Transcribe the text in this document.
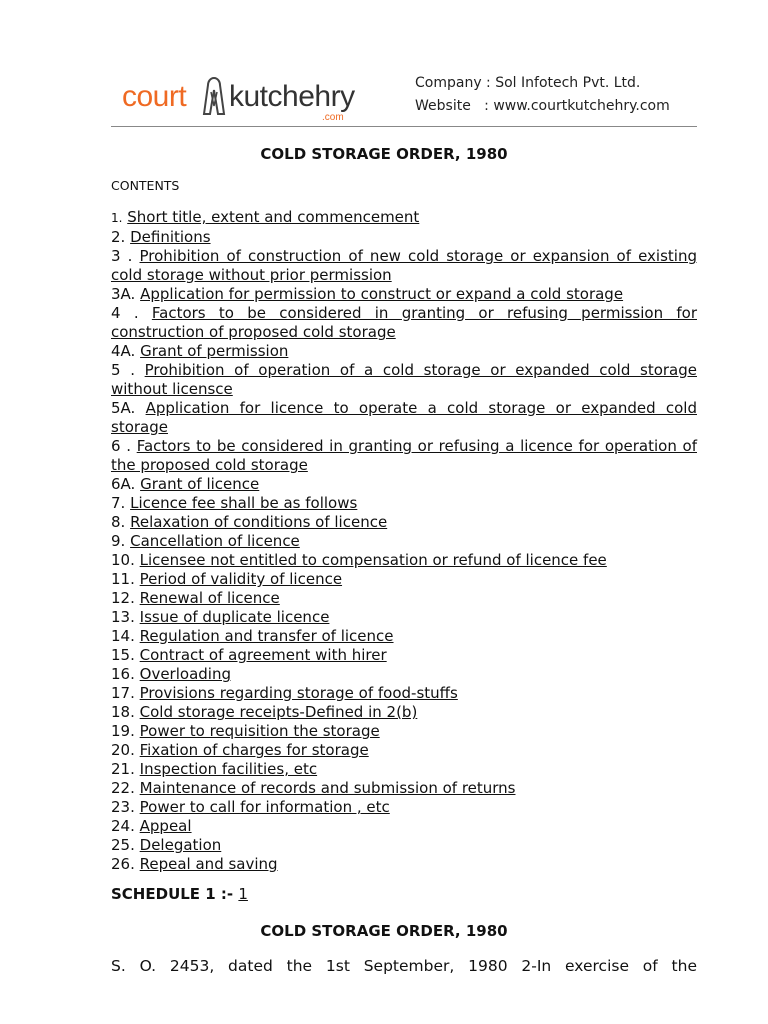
court kutchehry
.com
Company : Sol Infotech Pvt. Ltd.
Website   : www.courtkutchehry.com
COLD STORAGE ORDER, 1980
CONTENTS
1. Short title, extent and commencement
2. Definitions
3 . Prohibition of construction of new cold storage or expansion of existing cold storage without prior permission
3A. Application for permission to construct or expand a cold storage
4 . Factors to be considered in granting or refusing permission for construction of proposed cold storage
4A. Grant of permission
5 . Prohibition of operation of a cold storage or expanded cold storage without licensce
5A. Application for licence to operate a cold storage or expanded cold storage
6 . Factors to be considered in granting or refusing a licence for operation of the proposed cold storage
6A. Grant of licence
7. Licence fee shall be as follows
8. Relaxation of conditions of licence
9. Cancellation of licence
10. Licensee not entitled to compensation or refund of licence fee
11. Period of validity of licence
12. Renewal of licence
13. Issue of duplicate licence
14. Regulation and transfer of licence
15. Contract of agreement with hirer
16. Overloading
17. Provisions regarding storage of food-stuffs
18. Cold storage receipts-Defined in 2(b)
19. Power to requisition the storage
20. Fixation of charges for storage
21. Inspection facilities, etc
22. Maintenance of records and submission of returns
23. Power to call for information , etc
24. Appeal
25. Delegation
26. Repeal and saving
SCHEDULE 1 :- 1
COLD STORAGE ORDER, 1980
S. O. 2453, dated the 1st September, 1980 2-In exercise of the
